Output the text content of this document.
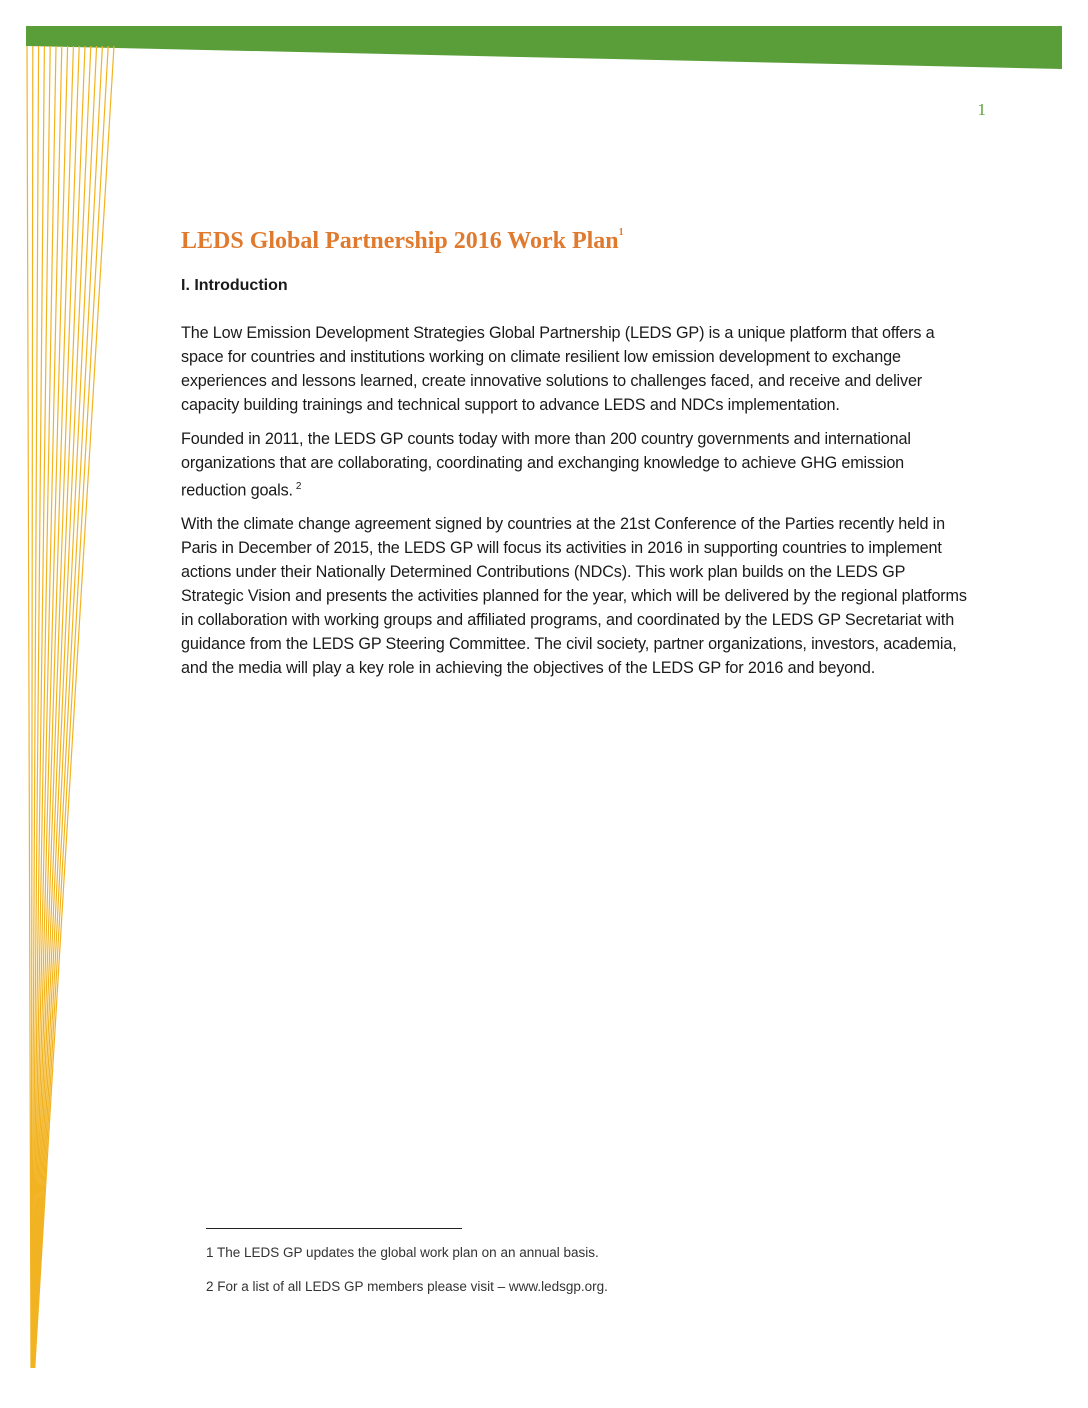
1
LEDS Global Partnership 2016 Work Plan$^1$
I. Introduction

The Low Emission Development Strategies Global Partnership (LEDS GP) is a unique platform that offers a space for countries and institutions working on climate resilient low emission development to exchange experiences and lessons learned, create innovative solutions to challenges faced, and receive and deliver capacity building trainings and technical support to advance LEDS and NDCs implementation.

Founded in 2011, the LEDS GP counts today with more than 200 country governments and international organizations that are collaborating, coordinating and exchanging knowledge to achieve GHG emission reduction goals. $^2$

With the climate change agreement signed by countries at the 21st Conference of the Parties recently held in Paris in December of 2015, the LEDS GP will focus its activities in 2016 in supporting countries to implement actions under their Nationally Determined Contributions (NDCs). This work plan builds on the LEDS GP Strategic Vision and presents the activities planned for the year, which will be delivered by the regional platforms in collaboration with working groups and affiliated programs, and coordinated by the LEDS GP Secretariat with guidance from the LEDS GP Steering Committee. The civil society, partner organizations, investors, academia, and the media will play a key role in achieving the objectives of the LEDS GP for 2016 and beyond.

1 The LEDS GP updates the global work plan on an annual basis.
2 For a list of all LEDS GP members please visit – www.ledsgp.org.
